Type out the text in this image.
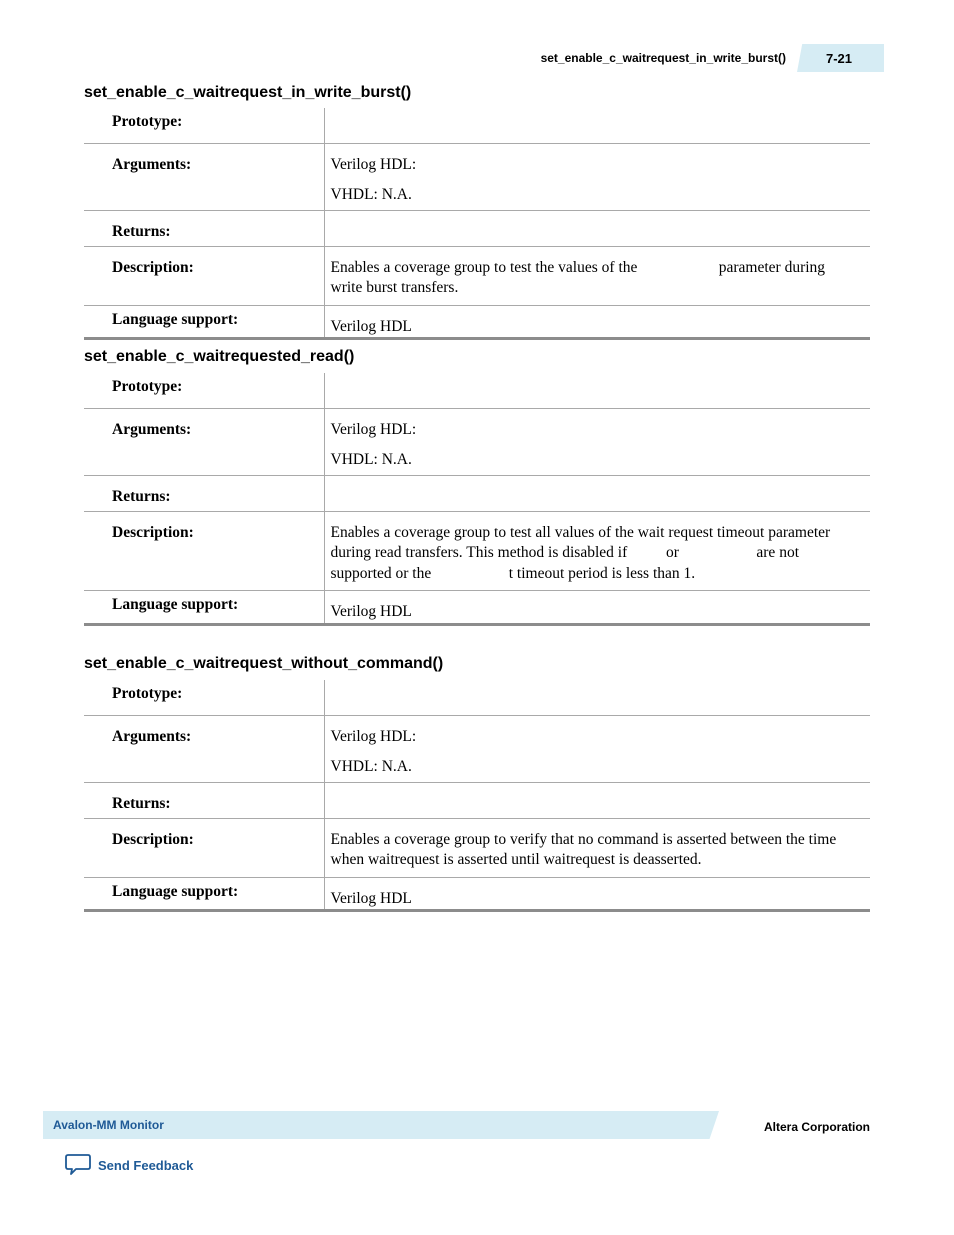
set_enable_c_waitrequest_in_write_burst()	7-21
set_enable_c_waitrequest_in_write_burst()
Prototype:	
Arguments:	Verilog HDL:
VHDL: N.A.
Returns:	
Description:	Enables a coverage group to test the values of the                     parameter during write burst transfers.

Language support:	Verilog HDL
set_enable_c_waitrequested_read()
Prototype:	
Arguments:	Verilog HDL:
VHDL: N.A.
Returns:	
Description:	Enables a coverage group to test all values of the wait request timeout parameter during read transfers. This method is disabled if          or                    are not supported or the                    t timeout period is less than 1.

Language support:	Verilog HDL
set_enable_c_waitrequest_without_command()
Prototype:	
Arguments:	Verilog HDL:
VHDL: N.A.
Returns:	
Description:	Enables a coverage group to verify that no command is asserted between the time when waitrequest is asserted until waitrequest is deasserted.

Language support:	Verilog HDL
Avalon-MM Monitor	Altera Corporation
Send Feedback
